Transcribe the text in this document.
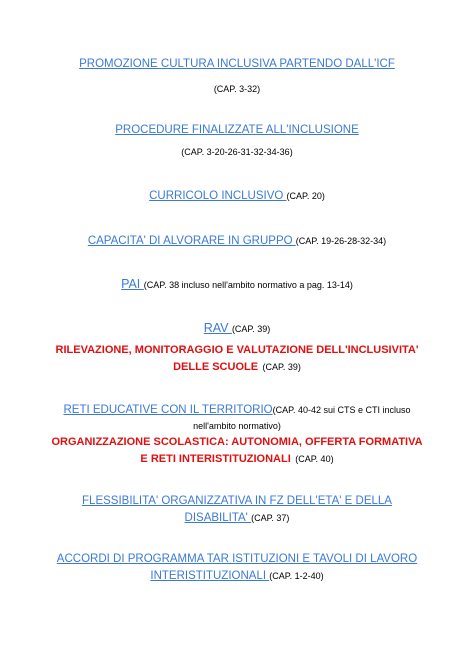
PROMOZIONE CULTURA INCLUSIVA PARTENDO DALL'ICF
(CAP. 3-32)
PROCEDURE FINALIZZATE ALL'INCLUSIONE
(CAP. 3-20-26-31-32-34-36)
CURRICOLO INCLUSIVO (CAP. 20)
CAPACITA' DI ALVORARE IN GRUPPO (CAP. 19-26-28-32-34)
PAI (CAP. 38 incluso nell'ambito normativo a pag. 13-14)
RAV (CAP. 39)
RILEVAZIONE, MONITORAGGIO E VALUTAZIONE DELL'INCLUSIVITA'
DELLE SCUOLE (CAP. 39)
RETI EDUCATIVE CON IL TERRITORIO(CAP. 40-42 sui CTS e CTI incluso
nell'ambito normativo)
ORGANIZZAZIONE SCOLASTICA: AUTONOMIA, OFFERTA FORMATIVA
E RETI INTERISTITUZIONALI (CAP. 40)
FLESSIBILITA' ORGANIZZATIVA IN FZ DELL'ETA' E DELLA
DISABILITA' (CAP. 37)
ACCORDI DI PROGRAMMA TAR ISTITUZIONI E TAVOLI DI LAVORO
INTERISTITUZIONALI (CAP. 1-2-40)
